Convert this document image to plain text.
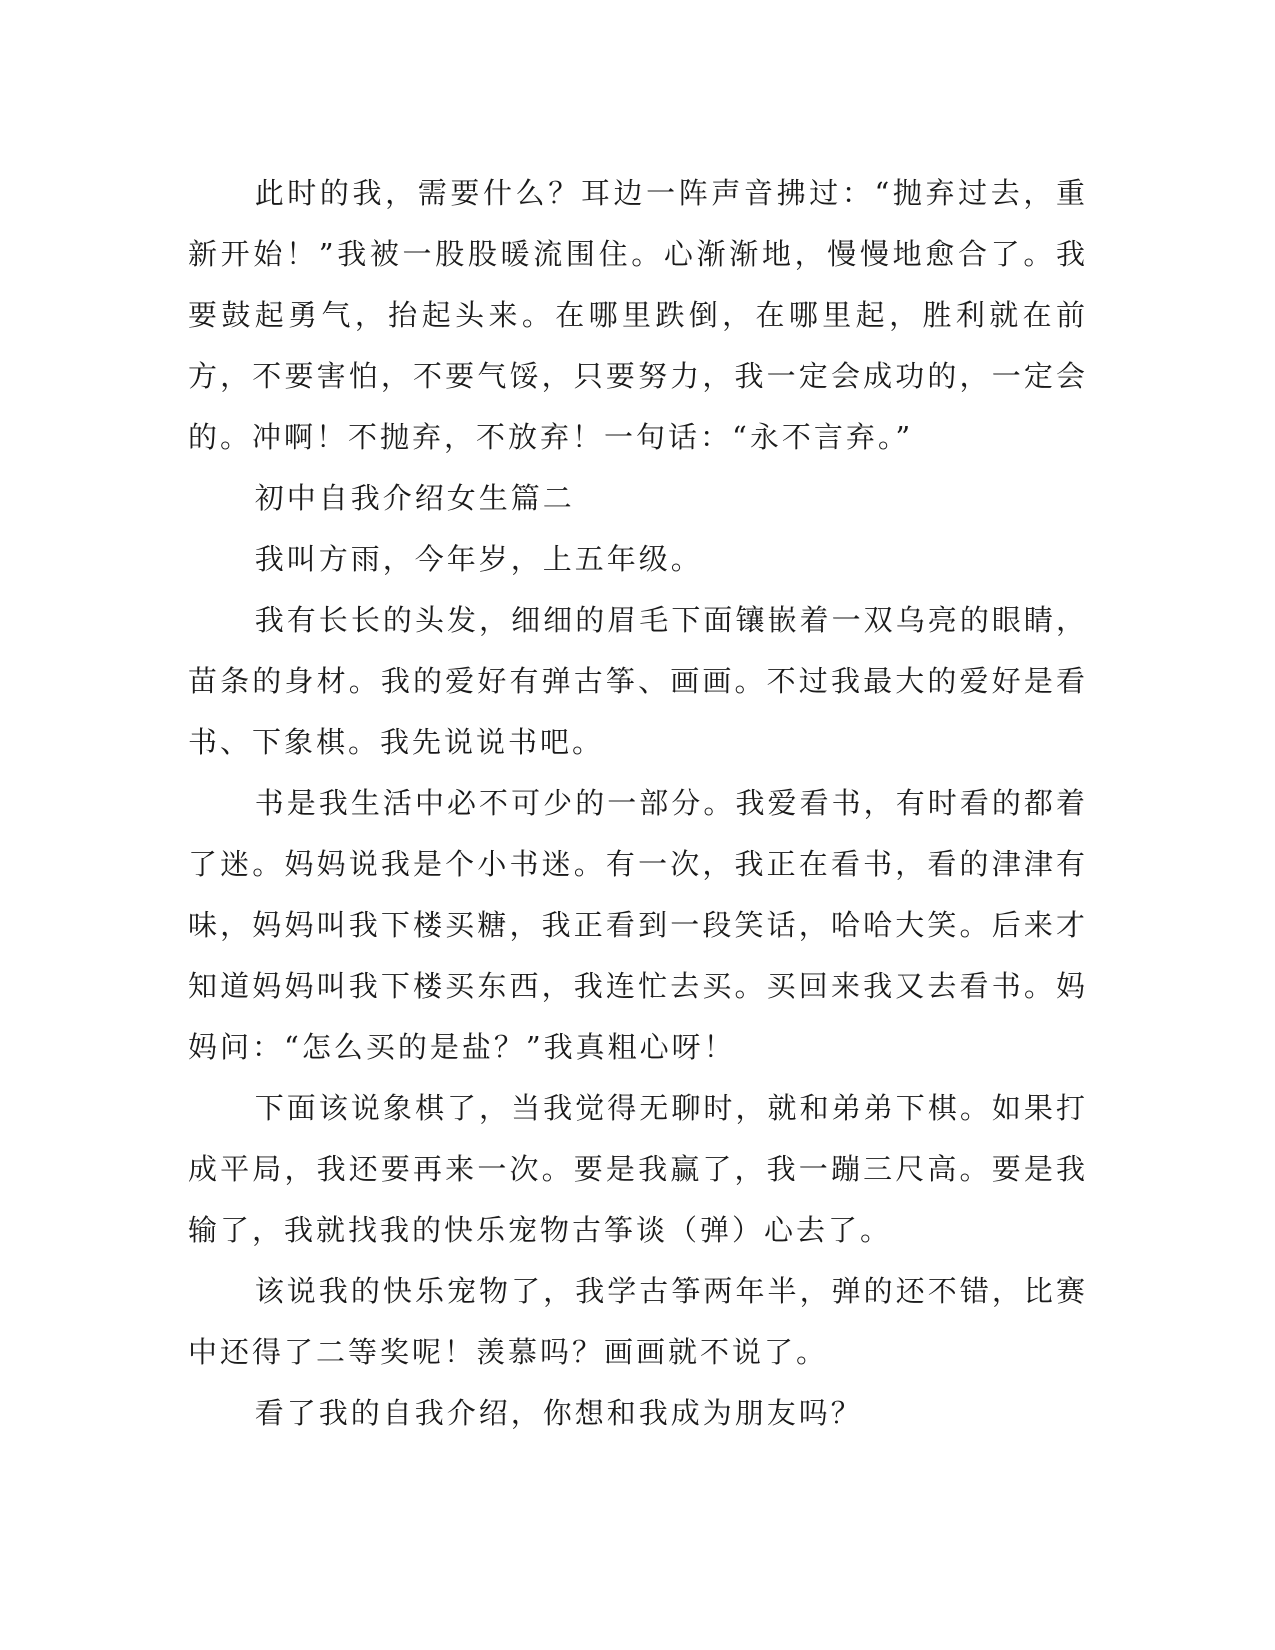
此时的我，需要什么？耳边一阵声音拂过：“抛弃过去，重新开始！”我被一股股暖流围住。心渐渐地，慢慢地愈合了。我要鼓起勇气，抬起头来。在哪里跌倒，在哪里起，胜利就在前方，不要害怕，不要气馁，只要努力，我一定会成功的，一定会的。冲啊！不抛弃，不放弃！一句话：“永不言弃。”

初中自我介绍女生篇二

我叫方雨，今年岁，上五年级。

我有长长的头发，细细的眉毛下面镶嵌着一双乌亮的眼睛，苗条的身材。我的爱好有弹古筝、画画。不过我最大的爱好是看书、下象棋。我先说说书吧。

书是我生活中必不可少的一部分。我爱看书，有时看的都着了迷。妈妈说我是个小书迷。有一次，我正在看书，看的津津有味，妈妈叫我下楼买糖，我正看到一段笑话，哈哈大笑。后来才知道妈妈叫我下楼买东西，我连忙去买。买回来我又去看书。妈妈问：“怎么买的是盐？”我真粗心呀！

下面该说象棋了，当我觉得无聊时，就和弟弟下棋。如果打成平局，我还要再来一次。要是我赢了，我一蹦三尺高。要是我输了，我就找我的快乐宠物古筝谈（弹）心去了。

该说我的快乐宠物了，我学古筝两年半，弹的还不错，比赛中还得了二等奖呢！羡慕吗？画画就不说了。

看了我的自我介绍，你想和我成为朋友吗？
